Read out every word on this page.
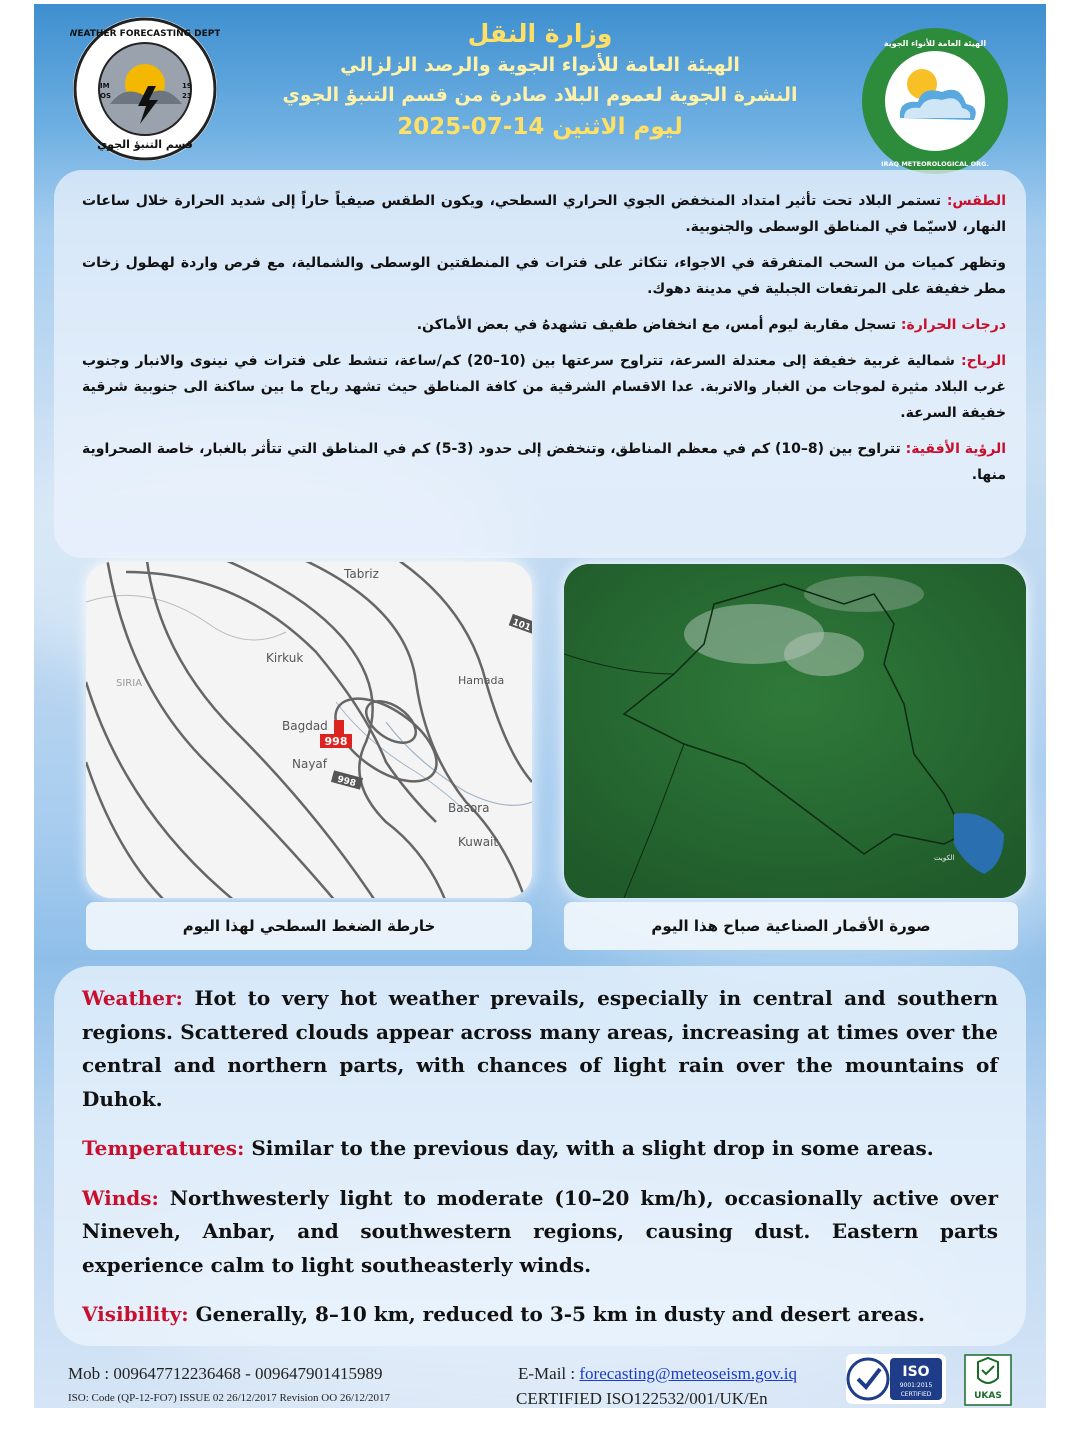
WEATHER FORECASTING DEPT.
IM
OS
19
23
قسم التنبؤ الجوي
وزارة النقل
الهيئة العامة للأنواء الجوية والرصد الزلزالي
النشرة الجوية لعموم البلاد صادرة من قسم التنبؤ الجوي
ليوم الاثنين 14-07-2025
الهيئة العامة للأنواء الجوية
IRAQ METEOROLOGICAL ORG.

الطقس: تستمر البلاد تحت تأثير امتداد المنخفض الجوي الحراري السطحي، ويكون الطقس صيفياً حاراً إلى شديد الحرارة خلال ساعات النهار، لاسيّما في المناطق الوسطى والجنوبية.

وتظهر كميات من السحب المتفرقة في الاجواء، تتكاثر على فترات في المنطقتين الوسطى والشمالية، مع فرص واردة لهطول زخات مطر خفيفة على المرتفعات الجبلية في مدينة دهوك.

درجات الحرارة: تسجل مقاربة ليوم أمس، مع انخفاض طفيف تشهدهُ في بعض الأماكن.

الرياح: شمالية غربية خفيفة إلى معتدلة السرعة، تتراوح سرعتها بين (10–20) كم/ساعة، تنشط على فترات في نينوى والانبار وجنوب غرب البلاد مثيرة لموجات من الغبار والاتربة. عدا الاقسام الشرقية من كافة المناطق حيث تشهد رياح ما بين ساكنة الى جنوبية شرقية خفيفة السرعة.

الرؤية الأفقية: تتراوح بين (8–10) كم في معظم المناطق، وتنخفض إلى حدود (3-5) كم في المناطق التي تتأثر بالغبار، خاصة الصحراوية منها.

Tabriz
Kirkuk
Hamada
Bagdad
Nayaf
Basora
Kuwait
SIRIA
998
998
101
الكويت
خارطة الضغط السطحي لهذا اليوم	صورة الأقمار الصناعية صباح هذا اليوم

Weather: Hot to very hot weather prevails, especially in central and southern regions. Scattered clouds appear across many areas, increasing at times over the central and northern parts, with chances of light rain over the mountains of Duhok.

Temperatures: Similar to the previous day, with a slight drop in some areas.

Winds: Northwesterly light to moderate (10–20 km/h), occasionally active over Nineveh, Anbar, and southwestern regions, causing dust. Eastern parts experience calm to light southeasterly winds.

Visibility: Generally, 8–10 km, reduced to 3-5 km in dusty and desert areas.

Mob : 009647712236468 - 009647901415989	E-Mail : forecasting@meteoseism.gov.iq
ISO: Code (QP-12-FO7) ISSUE 02 26/12/2017 Revision OO 26/12/2017	CERTIFIED ISO122532/001/UK/En
ISO
9001:2015
CERTIFIED	UKAS
